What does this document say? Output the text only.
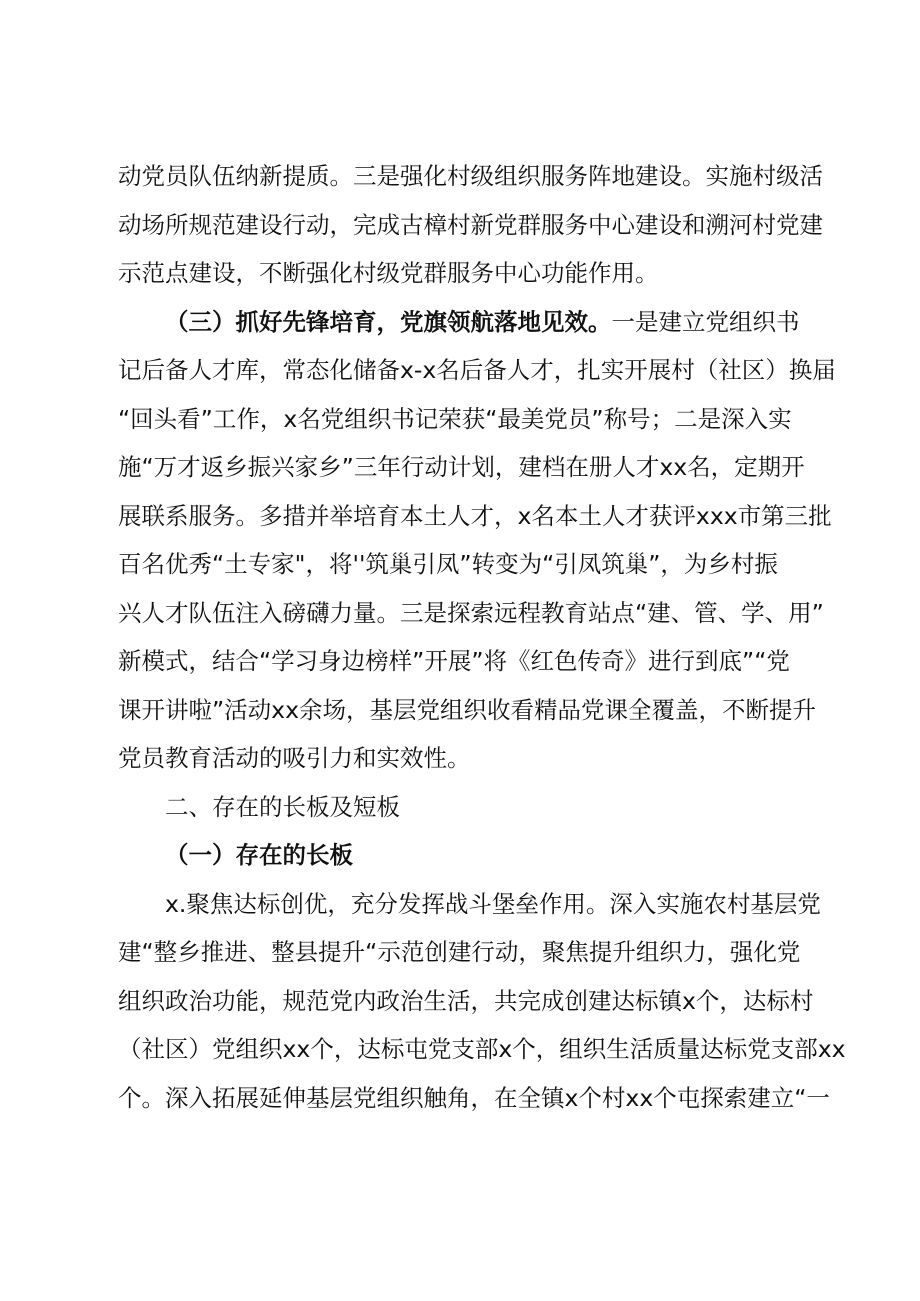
动党员队伍纳新提质。三是强化村级组织服务阵地建设。实施村级活
动场所规范建设行动，完成古樟村新党群服务中心建设和溯河村党建
示范点建设，不断强化村级党群服务中心功能作用。
（三）抓好先锋培育，党旗领航落地见效。一是建立党组织书
记后备人才库，常态化储备x-x名后备人才，扎实开展村（社区）换届
“回头看”工作，x名党组织书记荣获“最美党员”称号；二是深入实
施“万才返乡振兴家乡”三年行动计划，建档在册人才xx名，定期开
展联系服务。多措并举培育本土人才，x名本土人才获评xxx市第三批
百名优秀“土专家"，将''筑巢引凤”转变为“引凤筑巢”，为乡村振
兴人才队伍注入磅礴力量。三是探索远程教育站点“建、管、学、用”
新模式，结合“学习身边榜样”开展”将《红色传奇》进行到底”“党
课开讲啦”活动xx余场，基层党组织收看精品党课全覆盖，不断提升
党员教育活动的吸引力和实效性。
二、存在的长板及短板
（一）存在的长板
x.聚焦达标创优，充分发挥战斗堡垒作用。深入实施农村基层党
建“整乡推进、整县提升“示范创建行动，聚焦提升组织力，强化党
组织政治功能，规范党内政治生活，共完成创建达标镇x个，达标村
（社区）党组织xx个，达标屯党支部x个，组织生活质量达标党支部xx
个。深入拓展延伸基层党组织触角，在全镇x个村xx个屯探索建立“一
